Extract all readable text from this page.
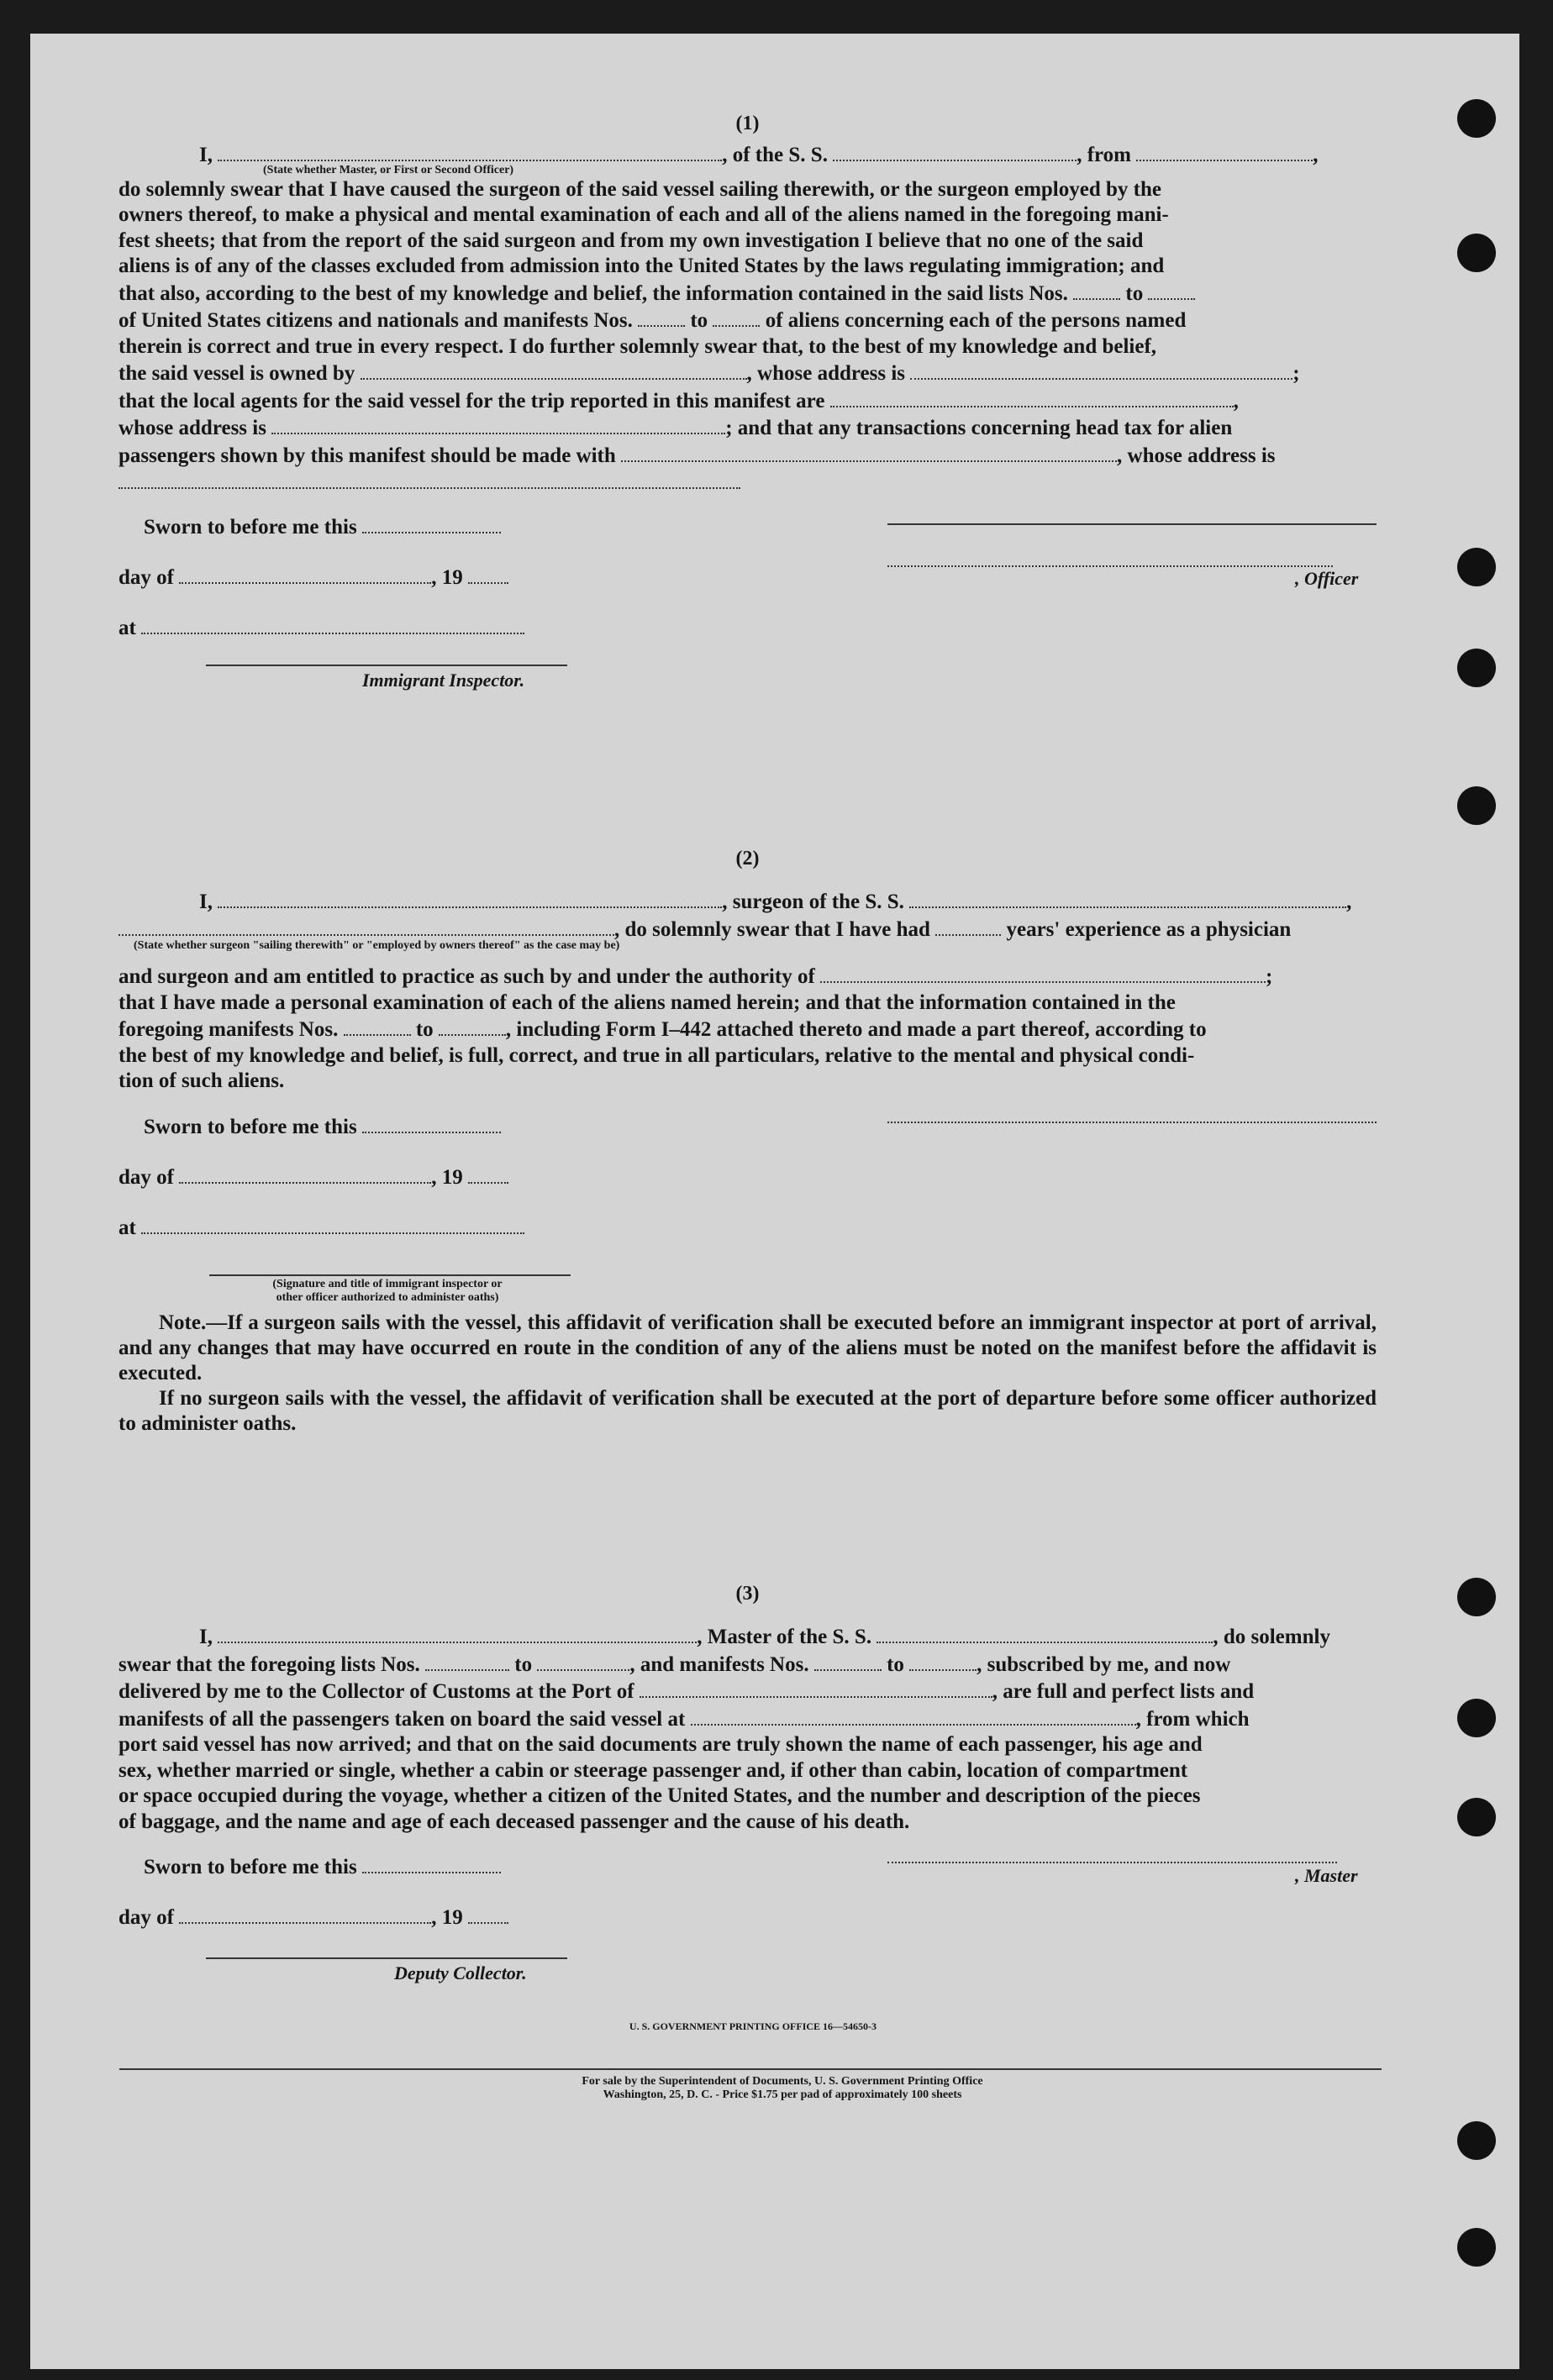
(1)

I,	, of the S. S.	, from	,
(State whether Master, or First or Second Officer)
do solemnly swear that I have caused the surgeon of the said vessel sailing therewith, or the surgeon employed by the
owners thereof, to make a physical and mental examination of each and all of the aliens named in the foregoing mani-
fest sheets; that from the report of the said surgeon and from my own investigation I believe that no one of the said
aliens is of any of the classes excluded from admission into the United States by the laws regulating immigration; and
that also, according to the best of my knowledge and belief, the information contained in the said lists Nos.	to
of United States citizens and nationals and manifests Nos.	to	of aliens concerning each of the persons named
therein is correct and true in every respect. I do further solemnly swear that, to the best of my knowledge and belief,
the said vessel is owned by	, whose address is	;
that the local agents for the said vessel for the trip reported in this manifest are	,
whose address is	; and that any transactions concerning head tax for alien
passengers shown by this manifest should be made with	, whose address is
Sworn to before me this
day of	, 19
at
Immigrant Inspector.
, Officer

(2)

I,	, surgeon of the S. S.	,
, do solemnly swear that I have had	years' experience as a physician
(State whether surgeon "sailing therewith" or "employed by owners thereof" as the case may be)
and surgeon and am entitled to practice as such by and under the authority of	;
that I have made a personal examination of each of the aliens named herein; and that the information contained in the
foregoing manifests Nos.	to	, including Form I–442 attached thereto and made a part thereof, according to
the best of my knowledge and belief, is full, correct, and true in all particulars, relative to the mental and physical condi-
tion of such aliens.
Sworn to before me this
day of	, 19
at
(Signature and title of immigrant inspector or
other officer authorized to administer oaths)
Note.—If a surgeon sails with the vessel, this affidavit of verification shall be executed before an immigrant inspector at port of arrival, and any changes that may have occurred en route in the condition of any of the aliens must be noted on the manifest before the affidavit is executed.
If no surgeon sails with the vessel, the affidavit of verification shall be executed at the port of departure before some officer authorized to administer oaths.

(3)

I,	, Master of the S. S.	, do solemnly
swear that the foregoing lists Nos.	to	, and manifests Nos.	to	, subscribed by me, and now
delivered by me to the Collector of Customs at the Port of	, are full and perfect lists and
manifests of all the passengers taken on board the said vessel at	, from which
port said vessel has now arrived; and that on the said documents are truly shown the name of each passenger, his age and
sex, whether married or single, whether a cabin or steerage passenger and, if other than cabin, location of compartment
or space occupied during the voyage, whether a citizen of the United States, and the number and description of the pieces
of baggage, and the name and age of each deceased passenger and the cause of his death.
Sworn to before me this
day of	, 19
Deputy Collector.
, Master
U. S. GOVERNMENT PRINTING OFFICE 16—54650-3
For sale by the Superintendent of Documents, U. S. Government Printing Office
Washington, 25, D. C. - Price $1.75 per pad of approximately 100 sheets
